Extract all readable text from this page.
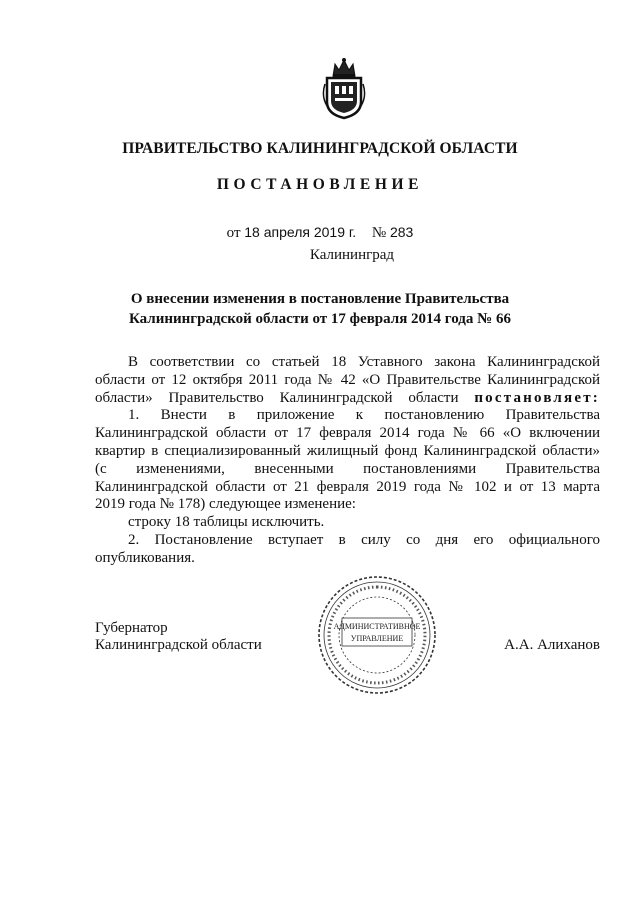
ПРАВИТЕЛЬСТВО КАЛИНИНГРАДСКОЙ ОБЛАСТИ
ПОСТАНОВЛЕНИЕ
от 18 апреля 2019 г. № 283
Калининград
О внесении изменения в постановление Правительства
Калининградской области от 17 февраля 2014 года № 66

В соответствии со статьей 18 Уставного закона Калининградской

области от 12 октября 2011 года № 42 «О Правительстве Калининградской

области» Правительство Калининградской области постановляет:

1. Внести в приложение к постановлению Правительства

Калининградской области от 17 февраля 2014 года № 66 «О включении

квартир в специализированный жилищный фонд Калининградской области»

(с изменениями, внесенными постановлениями Правительства

Калининградской области от 21 февраля 2019 года № 102 и от 13 марта

2019 года № 178) следующее изменение:

строку 18 таблицы исключить.

2. Постановление вступает в силу со дня его официального

опубликования.

АДМИНИСТРАТИВНОЕ
УПРАВЛЕНИЕ
Губернатор
Калининградской области	А.А. Алиханов
